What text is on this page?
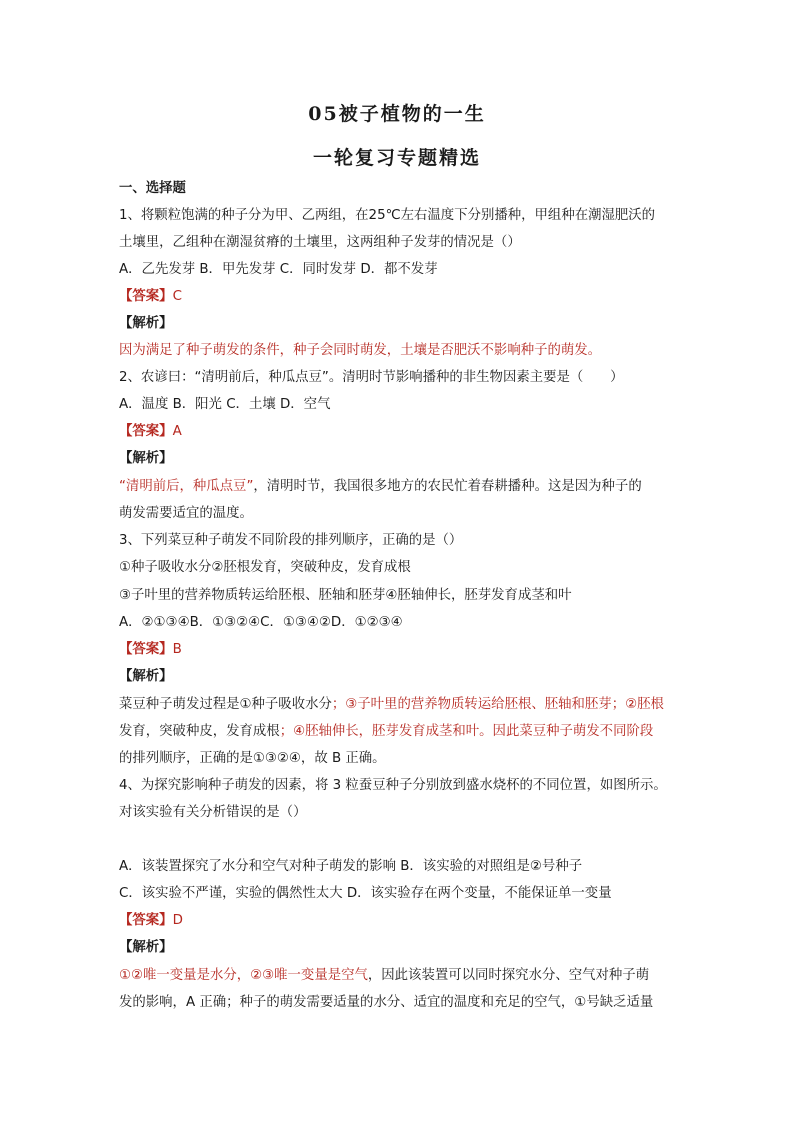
05被子植物的一生
一轮复习专题精选
一、选择题
1、将颗粒饱满的种子分为甲、乙两组，在25℃左右温度下分别播种，甲组种在潮湿肥沃的
土壤里，乙组种在潮湿贫瘠的土壤里，这两组种子发芽的情况是（）
A．乙先发芽 B．甲先发芽 C．同时发芽 D．都不发芽
【答案】C
【解析】
因为满足了种子萌发的条件，种子会同时萌发，土壤是否肥沃不影响种子的萌发。
2、农谚曰：“清明前后，种瓜点豆”。清明时节影响播种的非生物因素主要是（　　）
A．温度 B．阳光 C．土壤 D．空气
【答案】A
【解析】
“清明前后，种瓜点豆”，清明时节，我国很多地方的农民忙着春耕播种。这是因为种子的
萌发需要适宜的温度。
3、下列菜豆种子萌发不同阶段的排列顺序，正确的是（）
①种子吸收水分②胚根发育，突破种皮，发育成根
③子叶里的营养物质转运给胚根、胚轴和胚芽④胚轴伸长，胚芽发育成茎和叶
A．②①③④B．①③②④C．①③④②D．①②③④
【答案】B
【解析】
菜豆种子萌发过程是①种子吸收水分；③子叶里的营养物质转运给胚根、胚轴和胚芽；②胚根
发育，突破种皮，发育成根；④胚轴伸长，胚芽发育成茎和叶。因此菜豆种子萌发不同阶段
的排列顺序，正确的是①③②④，故 B 正确。
4、为探究影响种子萌发的因素，将 3 粒蚕豆种子分别放到盛水烧杯的不同位置，如图所示。
对该实验有关分析错误的是（）
A．该装置探究了水分和空气对种子萌发的影响 B．该实验的对照组是②号种子
C．该实验不严谨，实验的偶然性太大 D．该实验存在两个变量，不能保证单一变量
【答案】D
【解析】
①②唯一变量是水分，②③唯一变量是空气，因此该装置可以同时探究水分、空气对种子萌
发的影响，A 正确；种子的萌发需要适量的水分、适宜的温度和充足的空气，①号缺乏适量
